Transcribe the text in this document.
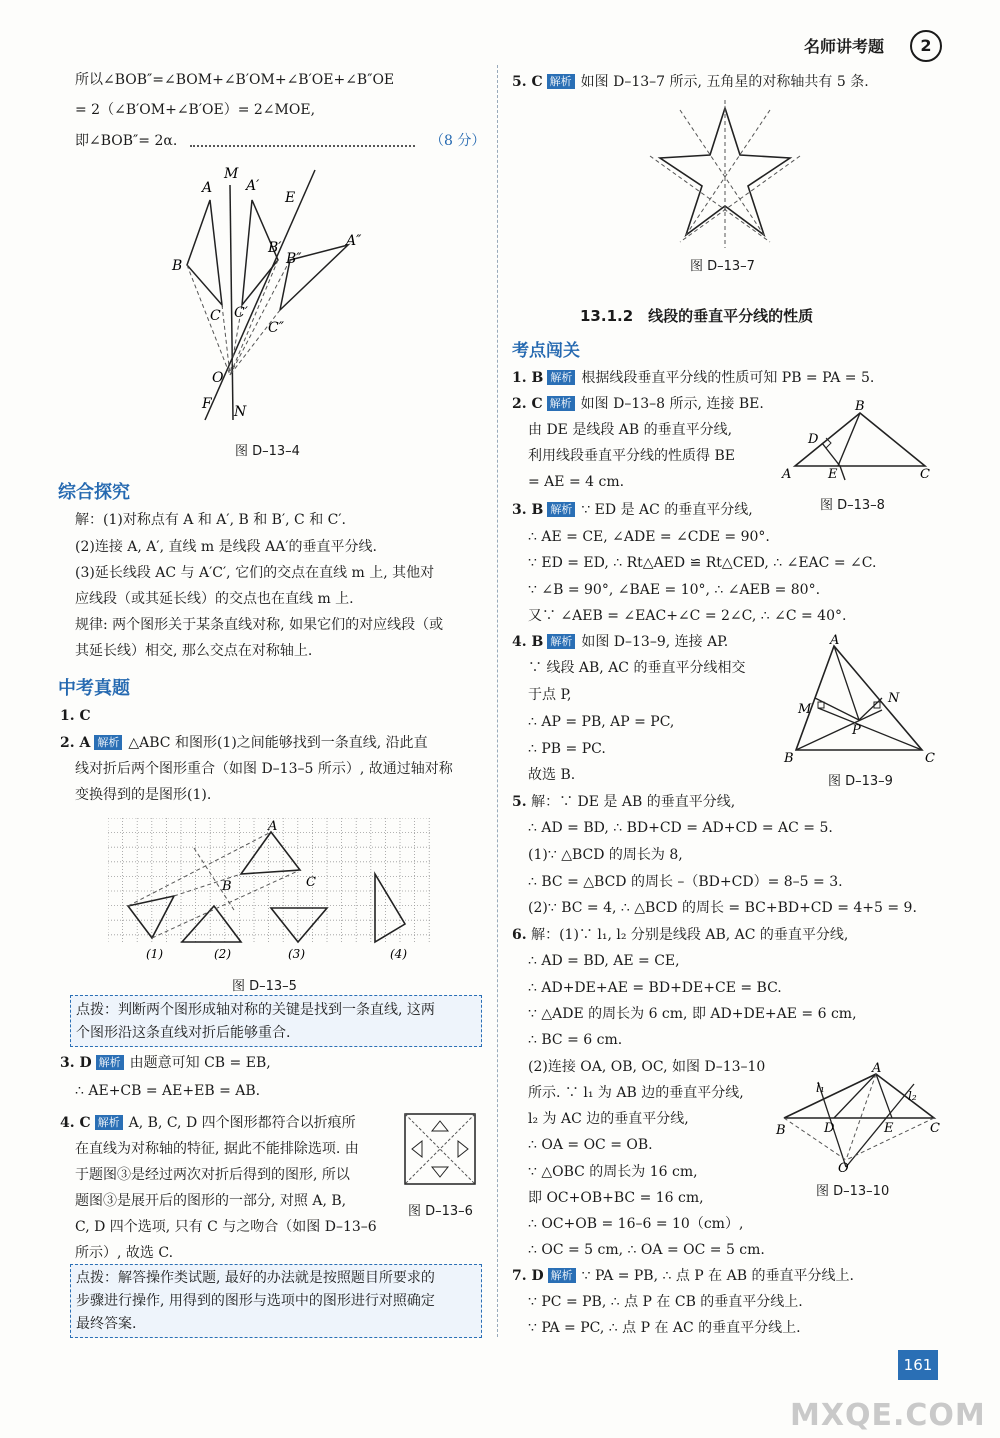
名师讲考题	2
所以∠BOB″=∠BOM+∠B′OM+∠B′OE+∠B″OE
= 2（∠B′OM+∠B′OE）= 2∠MOE,
即∠BOB″= 2α.	（8 分）
M
A A′
E
B
B′
B″
A″
C C′
C″
O
F N
图 D–13–4
综合探究
解：(1)对称点有 A 和 A′, B 和 B′, C 和 C′.
(2)连接 A, A′, 直线 m 是线段 AA′的垂直平分线.
(3)延长线段 AC 与 A′C′, 它们的交点在直线 m 上, 其他对
应线段（或其延长线）的交点也在直线 m 上.
规律: 两个图形关于某条直线对称, 如果它们的对应线段（或
其延长线）相交, 那么交点在对称轴上.
中考真题
1. C
2. A 解析 △ABC 和图形(1)之间能够找到一条直线, 沿此直
线对折后两个图形重合（如图 D–13–5 所示）, 故通过轴对称
变换得到的是图形(1).
A
B	C
(1)	(2)	(3)	(4)
图 D–13–5
点拨：判断两个图形成轴对称的关键是找到一条直线, 这两
个图形沿这条直线对折后能够重合.
3. D 解析 由题意可知 CB = EB,
∴ AE+CB = AE+EB = AB.
4. C 解析 A, B, C, D 四个图形都符合以折痕所
在直线为对称轴的特征, 据此不能排除选项. 由
于题图③是经过两次对折后得到的图形, 所以
题图③是展开后的图形的一部分, 对照 A, B,
C, D 四个选项, 只有 C 与之吻合（如图 D–13–6
所示）, 故选 C.
图 D–13–6
点拨：解答操作类试题, 最好的办法就是按照题目所要求的
步骤进行操作, 用得到的图形与选项中的图形进行对照确定
最终答案.
5. C 解析 如图 D–13–7 所示, 五角星的对称轴共有 5 条.
图 D–13–7
13.1.2　线段的垂直平分线的性质
考点闯关
1. B 解析 根据线段垂直平分线的性质可知 PB = PA = 5.
2. C 解析 如图 D–13–8 所示, 连接 BE.
由 DE 是线段 AB 的垂直平分线,
利用线段垂直平分线的性质得 BE
= AE = 4 cm.
B
D
A	E	C
图 D–13–8
3. B 解析 ∵ ED 是 AC 的垂直平分线,
∴ AE = CE, ∠ADE = ∠CDE = 90°.
∵ ED = ED, ∴ Rt△AED ≌ Rt△CED, ∴ ∠EAC = ∠C.
∵ ∠B = 90°, ∠BAE = 10°, ∴ ∠AEB = 80°.
又∵ ∠AEB = ∠EAC+∠C = 2∠C, ∴ ∠C = 40°.
4. B 解析 如图 D–13–9, 连接 AP.
∵ 线段 AB, AC 的垂直平分线相交
于点 P,
∴ AP = PB, AP = PC,
∴ PB = PC.
故选 B.
A
M
N
P
B	C
图 D–13–9
5. 解：∵ DE 是 AB 的垂直平分线,
∴ AD = BD, ∴ BD+CD = AD+CD = AC = 5.
(1)∵ △BCD 的周长为 8,
∴ BC = △BCD 的周长 –（BD+CD）= 8–5 = 3.
(2)∵ BC = 4, ∴ △BCD 的周长 = BC+BD+CD = 4+5 = 9.
6. 解：(1)∵ l₁, l₂ 分别是线段 AB, AC 的垂直平分线,
∴ AD = BD, AE = CE,
∴ AD+DE+AE = BD+DE+CE = BC.
∵ △ADE 的周长为 6 cm, 即 AD+DE+AE = 6 cm,
∴ BC = 6 cm.
(2)连接 OA, OB, OC, 如图 D–13–10
所示. ∵ l₁ 为 AB 边的垂直平分线,
l₂ 为 AC 边的垂直平分线,
∴ OA = OC = OB.
∵ △OBC 的周长为 16 cm,
即 OC+OB+BC = 16 cm,
∴ OC+OB = 16–6 = 10（cm）,
∴ OC = 5 cm, ∴ OA = OC = 5 cm.
A
l₁
l₂
B	D	E	C
O
图 D–13–10
7. D 解析 ∵ PA = PB, ∴ 点 P 在 AB 的垂直平分线上.
∵ PC = PB, ∴ 点 P 在 CB 的垂直平分线上.
∵ PA = PC, ∴ 点 P 在 AC 的垂直平分线上.
161
MXQE.COM
